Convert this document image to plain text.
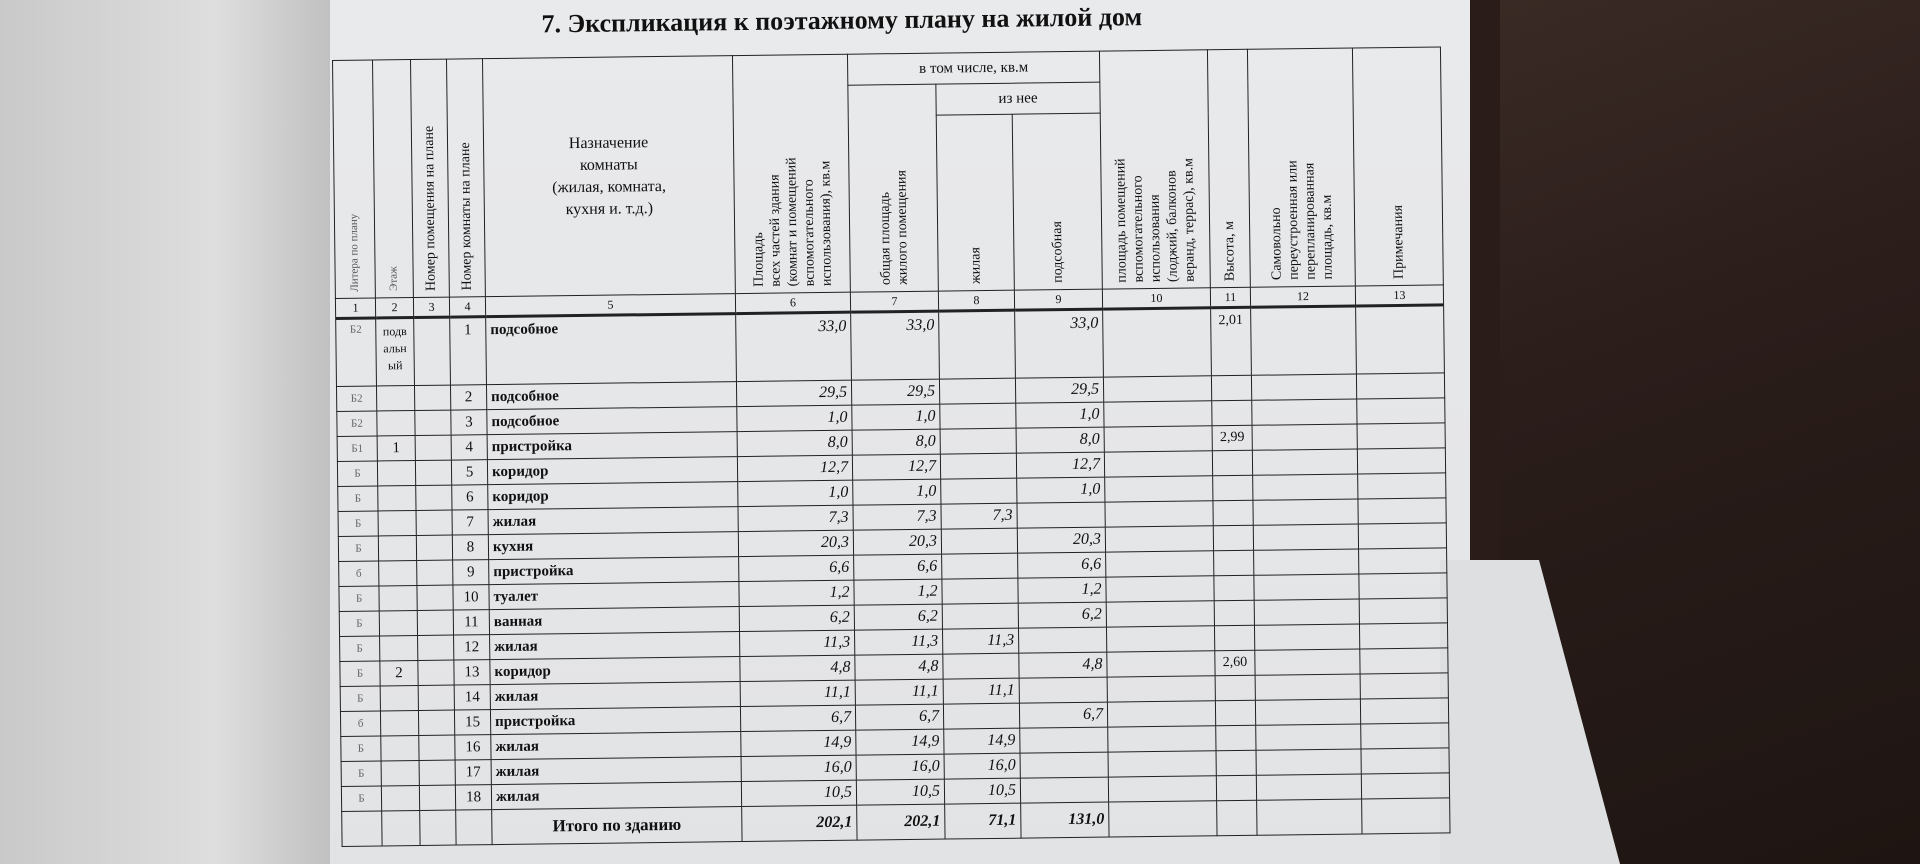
7. Экспликация к поэтажному плану на жилой дом
Литера по плану	Этаж	Номер помещения на плане	Номер комнаты на плане	Назначение
комнаты
(жилая, комната,
кухня и. т.д.)	Площадь
всех частей здания
(комнат и помещений
вспомогательного
использования), кв.м	в том числе, кв.м			площадь помещений
вспомогательного
использования
(лоджий, балконов
веранд, террас), кв.м	Высота, м	Самовольно
переустроенная или
перепланированная
площадь, кв.м	Примечания

						общая площадь
жилого помещения	из нее					

							жилая	подсобная				

1	2	3	4	5	6	7	8	9	10	11	12	13
Б2	подвальный		1	подсобное	33,0	33,0		33,0		2,01		
Б2			2	подсобное	29,5	29,5		29,5				
Б2			3	подсобное	1,0	1,0		1,0				
Б1	1		4	пристройка	8,0	8,0		8,0		2,99		
Б			5	коридор	12,7	12,7		12,7				
Б			6	коридор	1,0	1,0		1,0				
Б			7	жилая	7,3	7,3	7,3					
Б			8	кухня	20,3	20,3		20,3				
б			9	пристройка	6,6	6,6		6,6				
Б			10	туалет	1,2	1,2		1,2				
Б			11	ванная	6,2	6,2		6,2				
Б			12	жилая	11,3	11,3	11,3					
Б	2		13	коридор	4,8	4,8		4,8		2,60		
Б			14	жилая	11,1	11,1	11,1					
б			15	пристройка	6,7	6,7		6,7				
Б			16	жилая	14,9	14,9	14,9					
Б			17	жилая	16,0	16,0	16,0					
Б			18	жилая	10,5	10,5	10,5					
				Итого по зданию	202,1	202,1	71,1	131,0				
